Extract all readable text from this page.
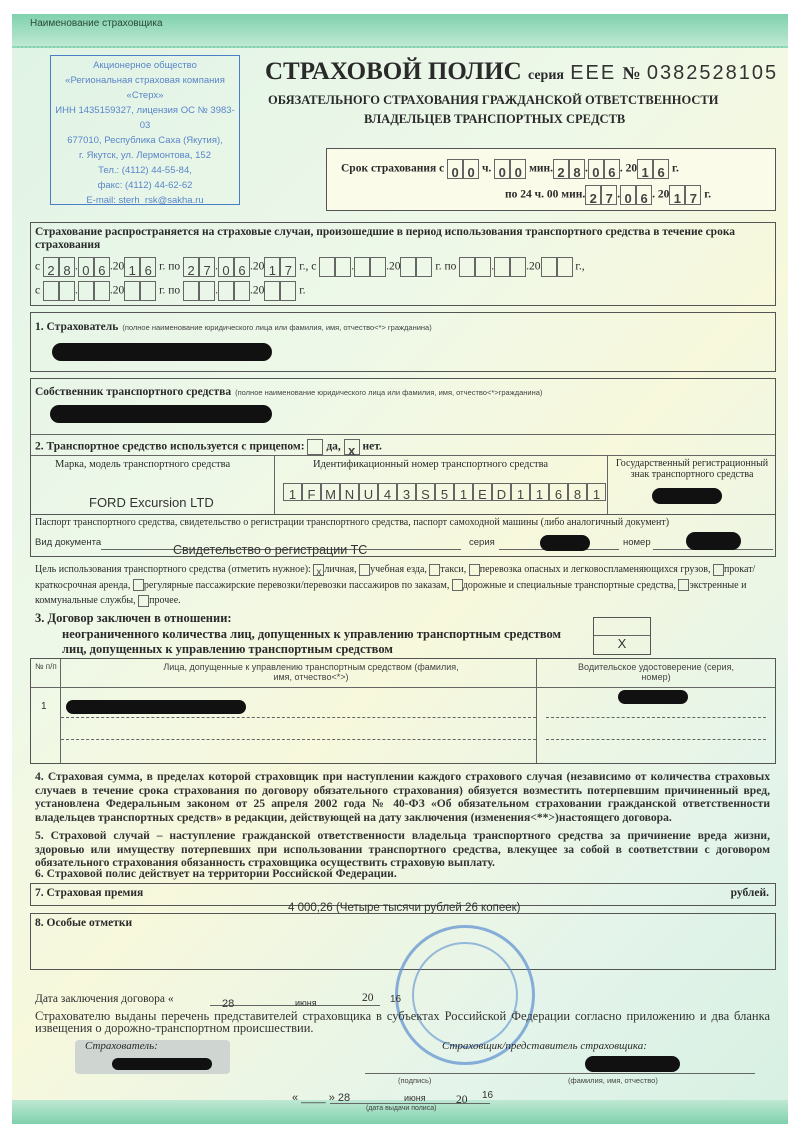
Наименование страховщика
Акционерное общество
«Региональная страховая компания
«Стерх»
ИНН 1435159327, лицензия ОС № 3983-03
677010, Республика Саха (Якутия),
г. Якутск, ул. Лермонтова, 152
Тел.: (4112) 44-55-84,
факс: (4112) 44-62-62
E-mail: sterh_rsk@sakha.ru
СТРАХОВОЙ ПОЛИС серия ЕЕЕ № 0382528105
ОБЯЗАТЕЛЬНОГО СТРАХОВАНИЯ ГРАЖДАНСКОЙ ОТВЕТСТВЕННОСТИ
ВЛАДЕЛЬЦЕВ ТРАНСПОРТНЫХ СРЕДСТВ
Срок страхования с 0 0 ч. 0 0 мин. 2 8 . 0 6 . 20 1 6 г.
по 24 ч. 00 мин. 2 7 . 0 6 . 20 1 7 г.
Страхование распространяется на страховые случаи, произошедшие в период использования транспортного средства в течение срока страхования
с 2 8 . 0 6 .20 1 6 г. по 2 7 . 0 6 .20 1 7 г., с	.	.20	г. по	.	.20	г.,
с	.	.20	г. по	.	.20	г.
1. Страхователь (полное наименование юридического лица или фамилия, имя, отчество<*> гражданина)
Собственник транспортного средства (полное наименование юридического лица или фамилия, имя, отчество<*>гражданина)
2. Транспортное средство используется с прицепом: да, x нет.
Марка, модель транспортного средства
FORD Excursion LTD
Идентификационный номер транспортного средства
1 F M N U 4 3 S 5 1 E D 1 1 6 8 1
Государственный регистрационный знак транспортного средства
Паспорт транспортного средства, свидетельство о регистрации транспортного средства, паспорт самоходной машины (либо аналогичный документ)
Вид документа
Свидетельство о регистрации ТС
серия	номер
Цель использования транспортного средства (отметить нужное): x личная, учебная езда, такси, перевозка опасных и легковоспламеняющихся грузов, прокат/краткосрочная аренда, регулярные пассажирские перевозки/перевозки пассажиров по заказам, дорожные и специальные транспортные средства, экстренные и коммунальные службы, прочее.
3. Договор заключен в отношении:
неограниченного количества лиц, допущенных к управлению транспортным средством
лиц, допущенных к управлению транспортным средством	X
№ п/п	Лица, допущенные к управлению транспортным средством (фамилия, имя, отчество<*>)
Водительское удостоверение (серия, номер)
1

4. Страховая сумма, в пределах которой страховщик при наступлении каждого страхового случая (независимо от количества страховых случаев в течение срока страхования по договору обязательного страхования) обязуется возместить потерпевшим причиненный вред, установлена Федеральным законом от 25 апреля 2002 года № 40-ФЗ «Об обязательном страховании гражданской ответственности владельцев транспортных средств» в редакции, действующей на дату заключения (изменения<**>)настоящего договора.

5. Страховой случай – наступление гражданской ответственности владельца транспортного средства за причинение вреда жизни, здоровью или имуществу потерпевших при использовании транспортного средства, влекущее за собой в соответствии с договором обязательного страхования обязанность страховщика осуществить страховую выплату.

6. Страховой полис действует на территории Российской Федерации.

7. Страховая премия	рублей.
4 000,26 (Четыре тысячи рублей 26 копеек)
8. Особые отметки
Дата заключения договора «	28	июня	20 16

Страхователю выданы перечень представителей страховщика в субъектах Российской Федерации согласно приложению и два бланка извещения о дорожно-транспортном происшествии.

Страхователь:	Страховщик/представитель страховщика:
(подпись)	(фамилия, имя, отчество)
« ____ » 28	июня	20 16
(дата выдачи полиса)
